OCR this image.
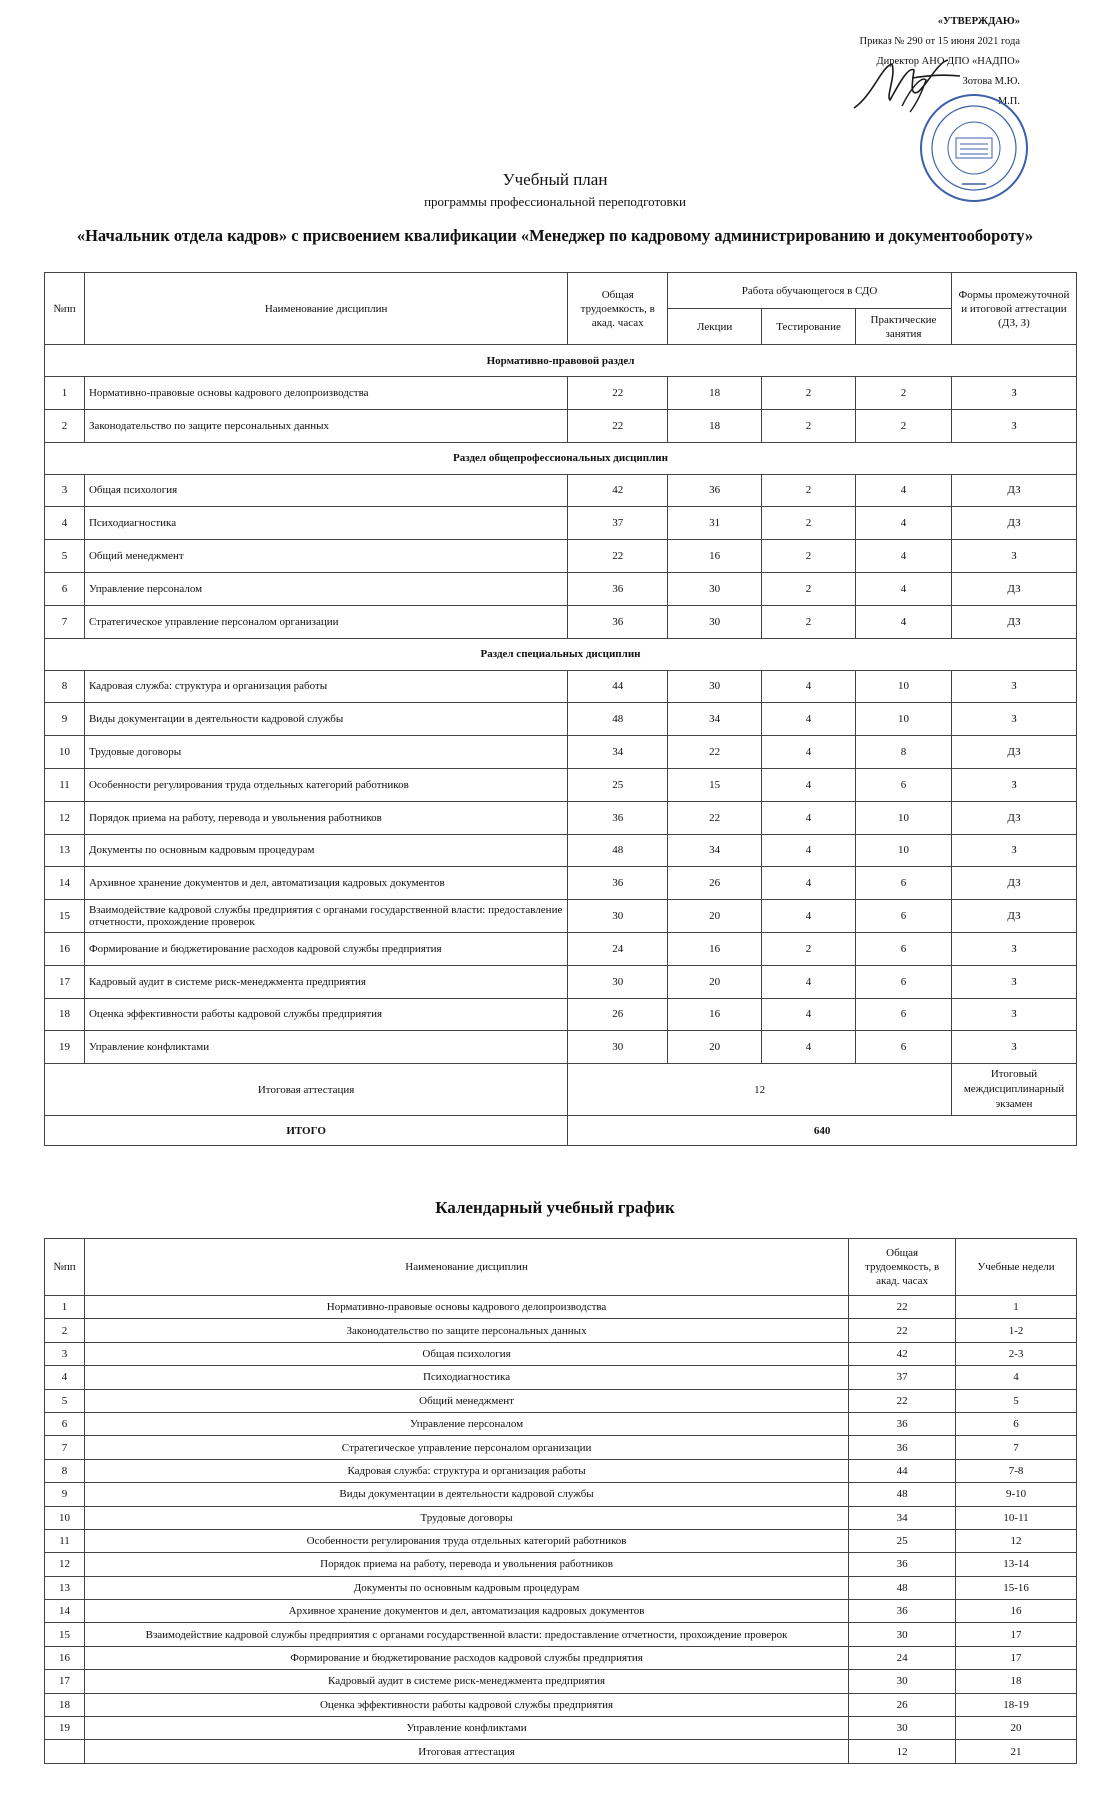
«УТВЕРЖДАЮ»
Приказ № 290 от 15 июня 2021 года
Директор АНО ДПО «НАДПО»
Зотова М.Ю.
М.П.
Учебный план
программы профессиональной переподготовки
«Начальник отдела кадров» с присвоением квалификации «Менеджер по кадровому администрированию и документообороту»
№пп	Наименование дисциплин	Общая трудоемкость, в акад. часах	Работа обучающегося в СДО			Формы промежуточной и итоговой аттестации (ДЗ, З)
			Лекции	Тестирование	Практические занятия	
Нормативно-правовой раздел						
1	Нормативно-правовые основы кадрового делопроизводства	22	18	2	2	З
2	Законодательство по защите персональных данных	22	18	2	2	З
Раздел общепрофессиональных дисциплин						
3	Общая психология	42	36	2	4	ДЗ
4	Психодиагностика	37	31	2	4	ДЗ
5	Общий менеджмент	22	16	2	4	З
6	Управление персоналом	36	30	2	4	ДЗ
7	Стратегическое управление персоналом организации	36	30	2	4	ДЗ
Раздел специальных дисциплин						
8	Кадровая служба: структура и организация работы	44	30	4	10	З
9	Виды документации в деятельности кадровой службы	48	34	4	10	З
10	Трудовые договоры	34	22	4	8	ДЗ
11	Особенности регулирования труда отдельных категорий работников	25	15	4	6	З
12	Порядок приема на работу, перевода и увольнения работников	36	22	4	10	ДЗ
13	Документы по основным кадровым процедурам	48	34	4	10	З
14	Архивное хранение документов и дел, автоматизация кадровых документов	36	26	4	6	ДЗ
15	Взаимодействие кадровой службы предприятия с органами государственной власти: предоставление отчетности, прохождение проверок	30	20	4	6	ДЗ
16	Формирование и бюджетирование расходов кадровой службы предприятия	24	16	2	6	З
17	Кадровый аудит в системе риск-менеджмента предприятия	30	20	4	6	З
18	Оценка эффективности работы кадровой службы предприятия	26	16	4	6	З
19	Управление конфликтами	30	20	4	6	З
Итоговая аттестация		12				Итоговый междисциплинарный экзамен
ИТОГО		640				
Календарный учебный график
№пп	Наименование дисциплин	Общая трудоемкость, в акад. часах	Учебные недели
1	Нормативно-правовые основы кадрового делопроизводства	22	1
2	Законодательство по защите персональных данных	22	1-2
3	Общая психология	42	2-3
4	Психодиагностика	37	4
5	Общий менеджмент	22	5
6	Управление персоналом	36	6
7	Стратегическое управление персоналом организации	36	7
8	Кадровая служба: структура и организация работы	44	7-8
9	Виды документации в деятельности кадровой службы	48	9-10
10	Трудовые договоры	34	10-11
11	Особенности регулирования труда отдельных категорий работников	25	12
12	Порядок приема на работу, перевода и увольнения работников	36	13-14
13	Документы по основным кадровым процедурам	48	15-16
14	Архивное хранение документов и дел, автоматизация кадровых документов	36	16
15	Взаимодействие кадровой службы предприятия с органами государственной власти: предоставление отчетности, прохождение проверок	30	17
16	Формирование и бюджетирование расходов кадровой службы предприятия	24	17
17	Кадровый аудит в системе риск-менеджмента предприятия	30	18
18	Оценка эффективности работы кадровой службы предприятия	26	18-19
19	Управление конфликтами	30	20
	Итоговая аттестация	12	21
